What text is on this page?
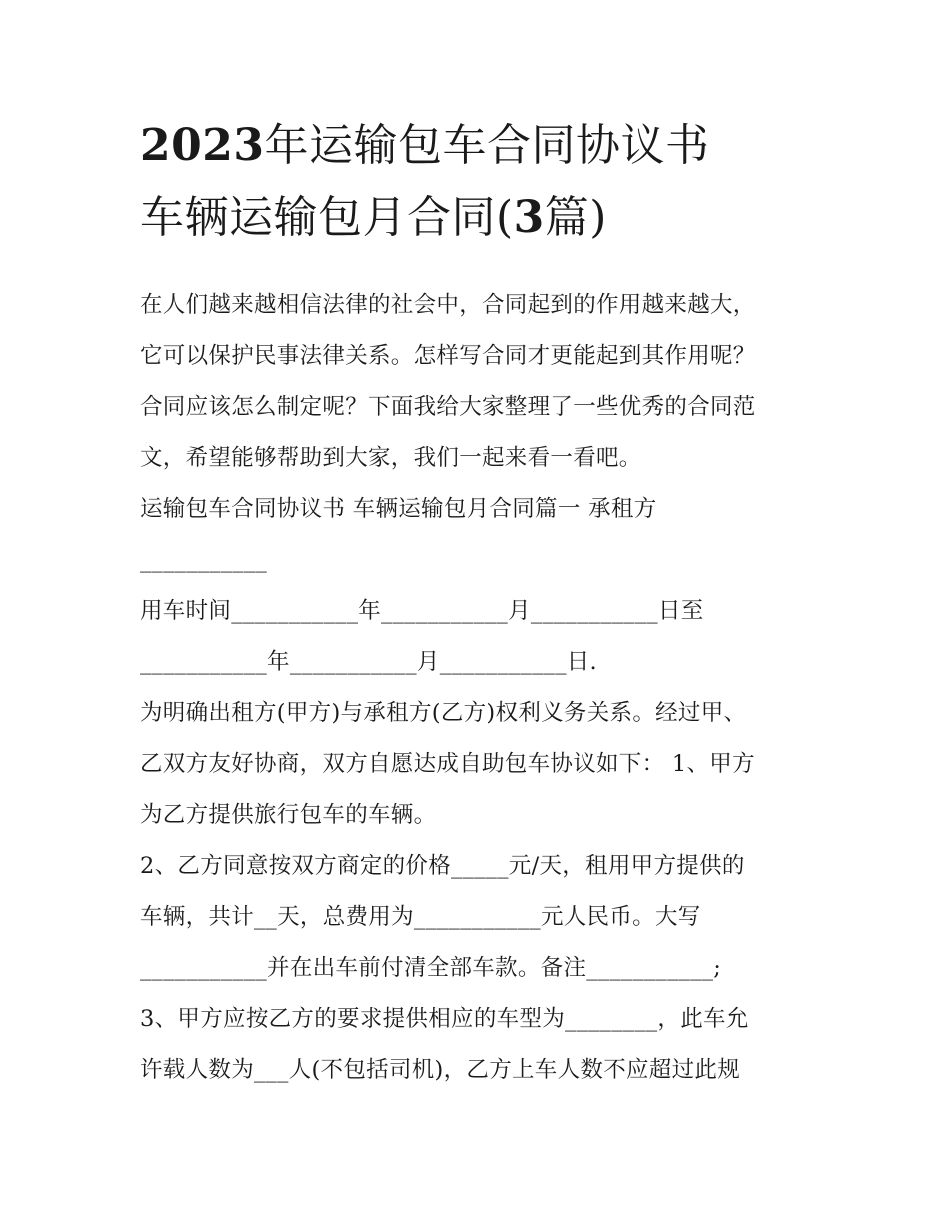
2023年运输包车合同协议书
车辆运输包月合同(3篇)
在人们越来越相信法律的社会中，合同起到的作用越来越大，
它可以保护民事法律关系。怎样写合同才更能起到其作用呢？
合同应该怎么制定呢？下面我给大家整理了一些优秀的合同范
文，希望能够帮助到大家，我们一起来看一看吧。
运输包车合同协议书 车辆运输包月合同篇一 承租方
___________
用车时间___________年___________月___________日至
___________年___________月___________日.
为明确出租方(甲方)与承租方(乙方)权利义务关系。经过甲、
乙双方友好协商，双方自愿达成自助包车协议如下： 1、甲方
为乙方提供旅行包车的车辆。
2、乙方同意按双方商定的价格_____元/天，租用甲方提供的
车辆，共计__天，总费用为___________元人民币。大写
___________并在出车前付清全部车款。备注___________;
3、甲方应按乙方的要求提供相应的车型为________，此车允
许载人数为___人(不包括司机)，乙方上车人数不应超过此规
